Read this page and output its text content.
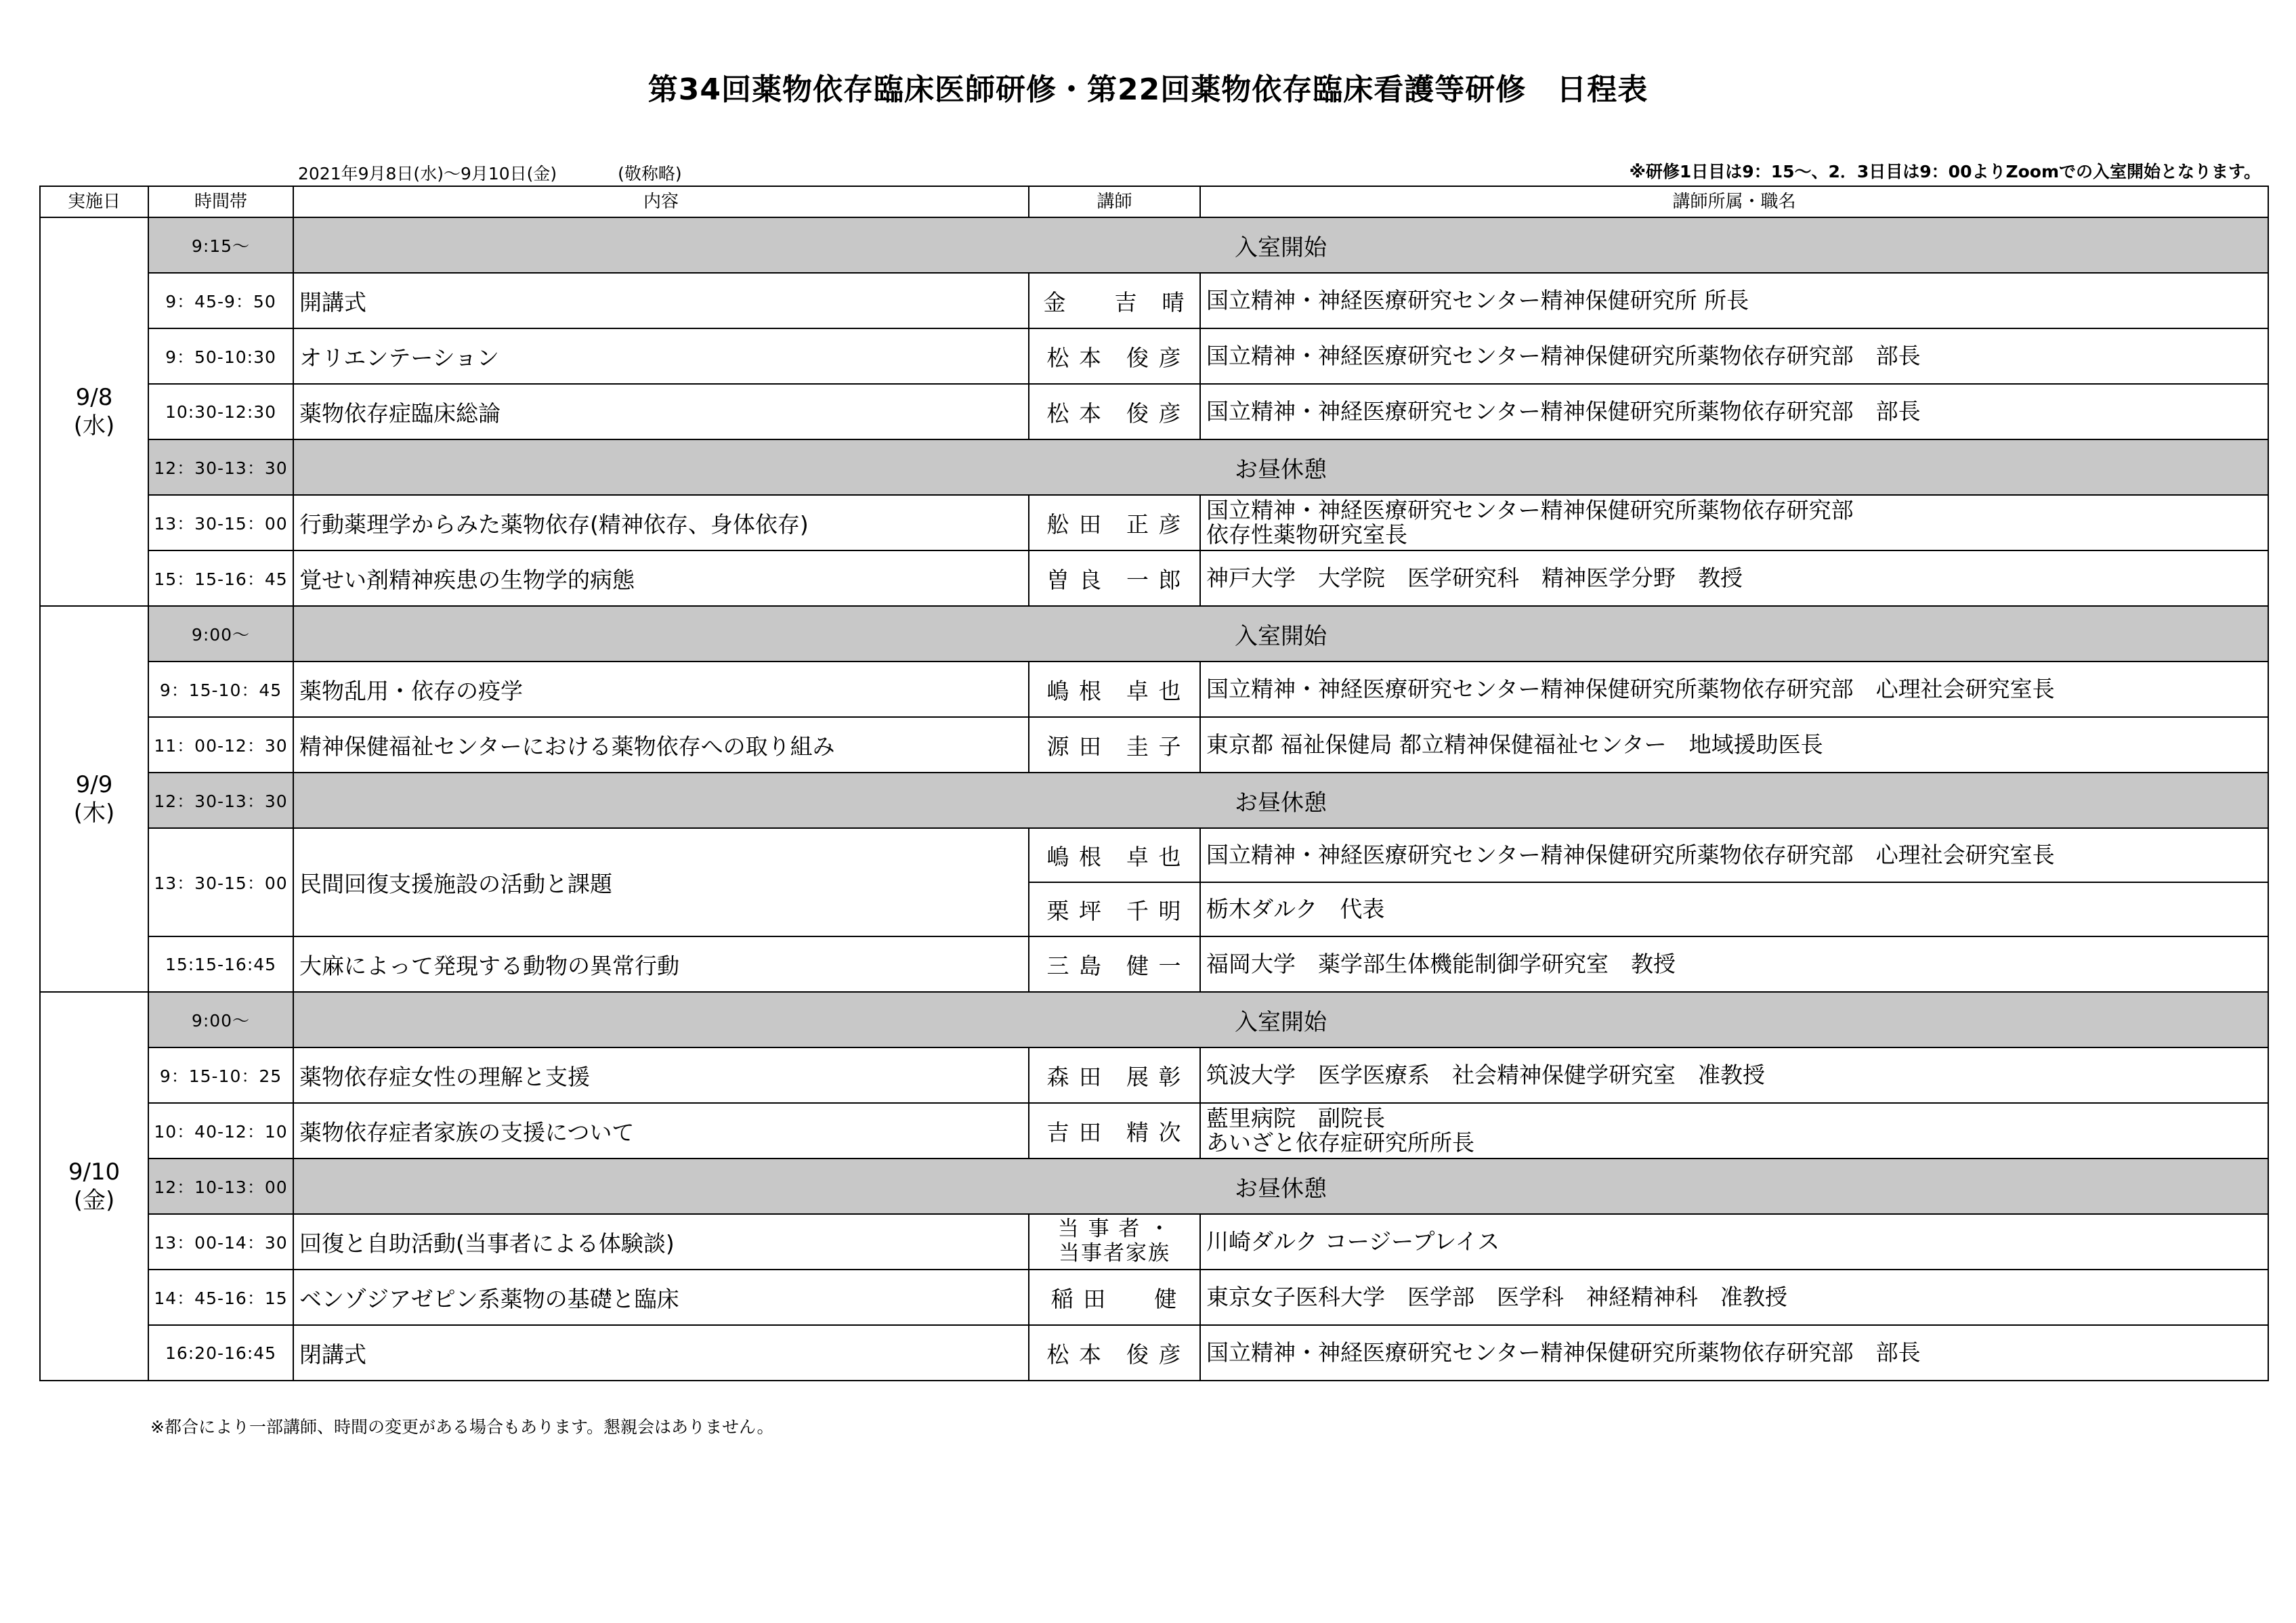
第34回薬物依存臨床医師研修・第22回薬物依存臨床看護等研修　日程表
2021年9月8日(水)～9月10日(金)	(敬称略)	※研修1日目は9：15～、2．3日目は9：00よりZoomでの入室開始となります。
実施日	時間帯	内容	講師	講師所属・職名

9/8
(水)	9:15～	入室開始		
	9：45-9：50	開講式	金　　吉　晴	国立精神・神経医療研究センター精神保健研究所 所長
	9：50-10:30	オリエンテーション	松 本　俊 彦	国立精神・神経医療研究センター精神保健研究所薬物依存研究部　部長
	10:30-12:30	薬物依存症臨床総論	松 本　俊 彦	国立精神・神経医療研究センター精神保健研究所薬物依存研究部　部長
	12：30-13：30	お昼休憩		
	13：30-15：00	行動薬理学からみた薬物依存(精神依存、身体依存)	舩 田　正 彦	国立精神・神経医療研究センター精神保健研究所薬物依存研究部
依存性薬物研究室長

	15：15-16：45	覚せい剤精神疾患の生物学的病態	曽 良　一 郎	神戸大学　大学院　医学研究科　精神医学分野　教授

9/9
(木)	9:00～	入室開始		
	9：15-10：45	薬物乱用・依存の疫学	嶋 根　卓 也	国立精神・神経医療研究センター精神保健研究所薬物依存研究部　心理社会研究室長
	11：00-12：30	精神保健福祉センターにおける薬物依存への取り組み	源 田　圭 子	東京都 福祉保健局 都立精神保健福祉センター　地域援助医長
	12：30-13：30	お昼休憩		
	13：30-15：00	民間回復支援施設の活動と課題	嶋 根　卓 也	国立精神・神経医療研究センター精神保健研究所薬物依存研究部　心理社会研究室長
			栗 坪　千 明	栃木ダルク　代表
	15:15-16:45	大麻によって発現する動物の異常行動	三 島　健 一	福岡大学　薬学部生体機能制御学研究室　教授

9/10
(金)	9:00～	入室開始		
	9：15-10：25	薬物依存症女性の理解と支援	森 田　展 彰	筑波大学　医学医療系　社会精神保健学研究室　准教授
	10：40-12：10	薬物依存症者家族の支援について	吉 田　精 次	藍里病院　副院長
あいざと依存症研究所所長

	12：10-13：00	お昼休憩		
	13：00-14：30	回復と自助活動(当事者による体験談)	当 事 者 ・
当事者家族	川崎ダルク コージープレイス
	14：45-16：15	ベンゾジアゼピン系薬物の基礎と臨床	稲 田　　健	東京女子医科大学　医学部　医学科　神経精神科　准教授
	16:20-16:45	閉講式	松 本　俊 彦	国立精神・神経医療研究センター精神保健研究所薬物依存研究部　部長
※都合により一部講師、時間の変更がある場合もあります。懇親会はありません。
